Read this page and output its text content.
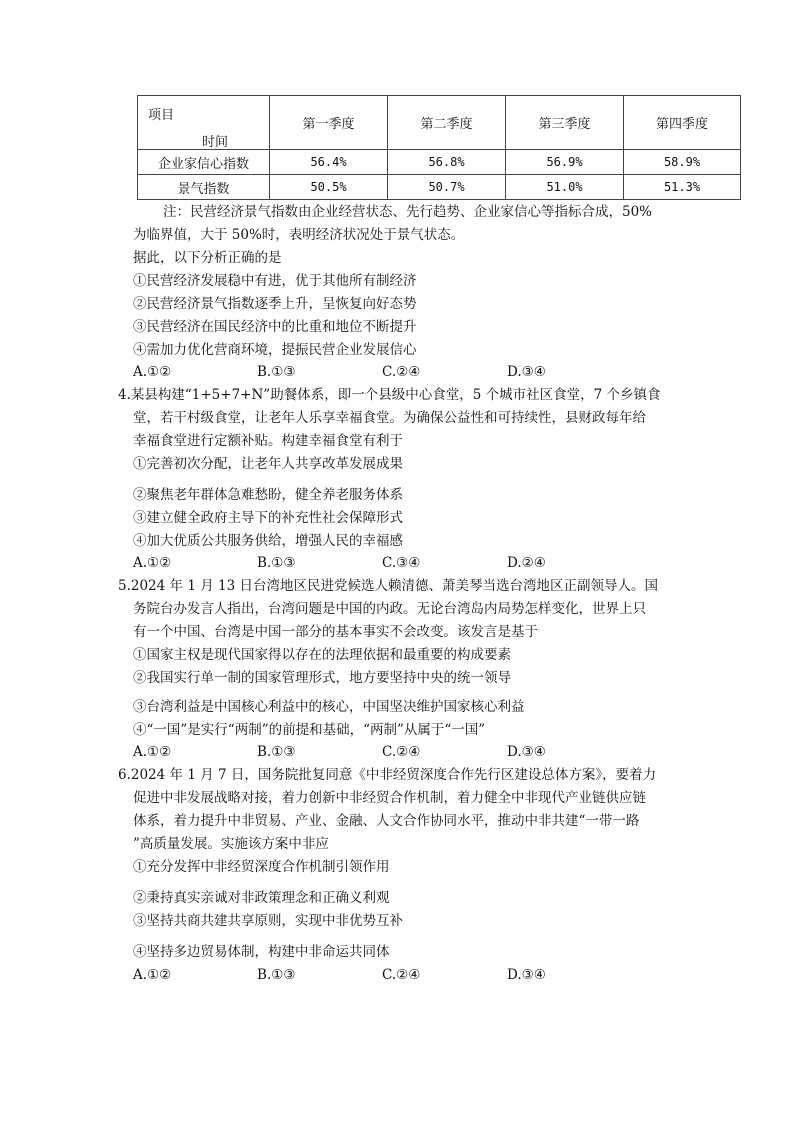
项目
时间	第一季度	第二季度	第三季度	第四季度
企业家信心指数	56.4%	56.8%	56.9%	58.9%
景气指数	50.5%	50.7%	51.0%	51.3%
注：民营经济景气指数由企业经营状态、先行趋势、企业家信心等指标合成，50%
为临界值，大于 50%时，表明经济状况处于景气状态。
据此，以下分析正确的是
①民营经济发展稳中有进，优于其他所有制经济
②民营经济景气指数逐季上升，呈恢复向好态势
③民营经济在国民经济中的比重和地位不断提升
④需加力优化营商环境，提振民营企业发展信心
A.①②	B.①③	C.②④	D.③④
4.某县构建“1+5+7+N”助餐体系，即一个县级中心食堂，5 个城市社区食堂，7 个乡镇食
堂，若干村级食堂，让老年人乐享幸福食堂。为确保公益性和可持续性，县财政每年给
幸福食堂进行定额补贴。构建幸福食堂有利于
①完善初次分配，让老年人共享改革发展成果
②聚焦老年群体急难愁盼，健全养老服务体系
③建立健全政府主导下的补充性社会保障形式
④加大优质公共服务供给，增强人民的幸福感
A.①②	B.①③	C.③④	D.②④
5.2024 年 1 月 13 日台湾地区民进党候选人赖清德、萧美琴当选台湾地区正副领导人。国
务院台办发言人指出，台湾问题是中国的内政。无论台湾岛内局势怎样变化，世界上只
有一个中国、台湾是中国一部分的基本事实不会改变。该发言是基于
①国家主权是现代国家得以存在的法理依据和最重要的构成要素
②我国实行单一制的国家管理形式，地方要坚持中央的统一领导
③台湾利益是中国核心利益中的核心，中国坚决维护国家核心利益
④“一国”是实行“两制”的前提和基础，“两制”从属于“一国”
A.①②	B.①③	C.②④	D.③④
6.2024 年 1 月 7 日，国务院批复同意《中非经贸深度合作先行区建设总体方案》，要着力
促进中非发展战略对接，着力创新中非经贸合作机制，着力健全中非现代产业链供应链
体系，着力提升中非贸易、产业、金融、人文合作协同水平，推动中非共建“一带一路
”高质量发展。实施该方案中非应
①充分发挥中非经贸深度合作机制引领作用
②秉持真实亲诚对非政策理念和正确义利观
③坚持共商共建共享原则，实现中非优势互补
④坚持多边贸易体制，构建中非命运共同体
A.①②	B.①③	C.②④	D.③④
